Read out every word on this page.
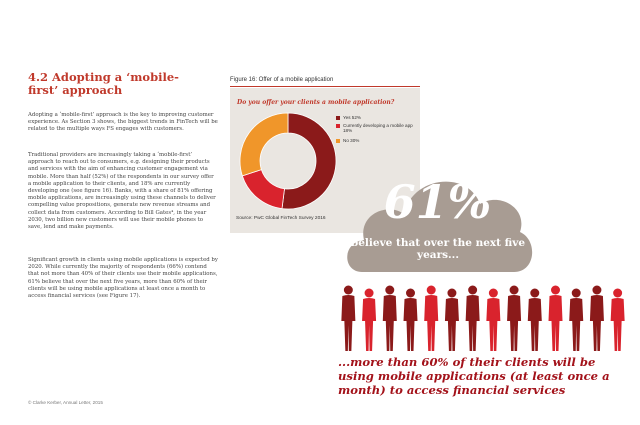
4.2 Adopting a ‘mobile-first’ approach
Adopting a ‘mobile-first’ approach is the key to improving customer experience. As Section 3 shows, the biggest trends in FinTech will be related to the multiple ways FS engages with customers.
Traditional providers are increasingly taking a ‘mobile-first’ approach to reach out to consumers, e.g. designing their products and services with the aim of enhancing customer engagement via mobile. More than half (52%) of the respondents in our survey offer a mobile application to their clients, and 18% are currently developing one (see figure 16). Banks, with a share of 81% offering mobile applications, are increasingly using these channels to deliver compelling value propositions, generate new revenue streams and collect data from customers. According to Bill Gates⁴, in the year 2030, two billion new customers will use their mobile phones to save, lend and make payments.
Significant growth in clients using mobile applications is expected by 2020. While currently the majority of respondents (66%) contend that not more than 40% of their clients use their mobile applications, 61% believe that over the next five years, more than 60% of their clients will be using mobile applications at least once a month to access financial services (see Figure 17).
© Clarke Kerber, Annual Letter, 2015
Figure 16: Offer of a mobile application
Do you offer your clients a mobile application?
Yes 52%
Currently developing a mobile app 18%
No 30%
Source: PwC Global FinTech Survey 2016	61%
believe that over the next five years...
...more than 60% of their clients will be using mobile applications (at least once a month) to access financial services
